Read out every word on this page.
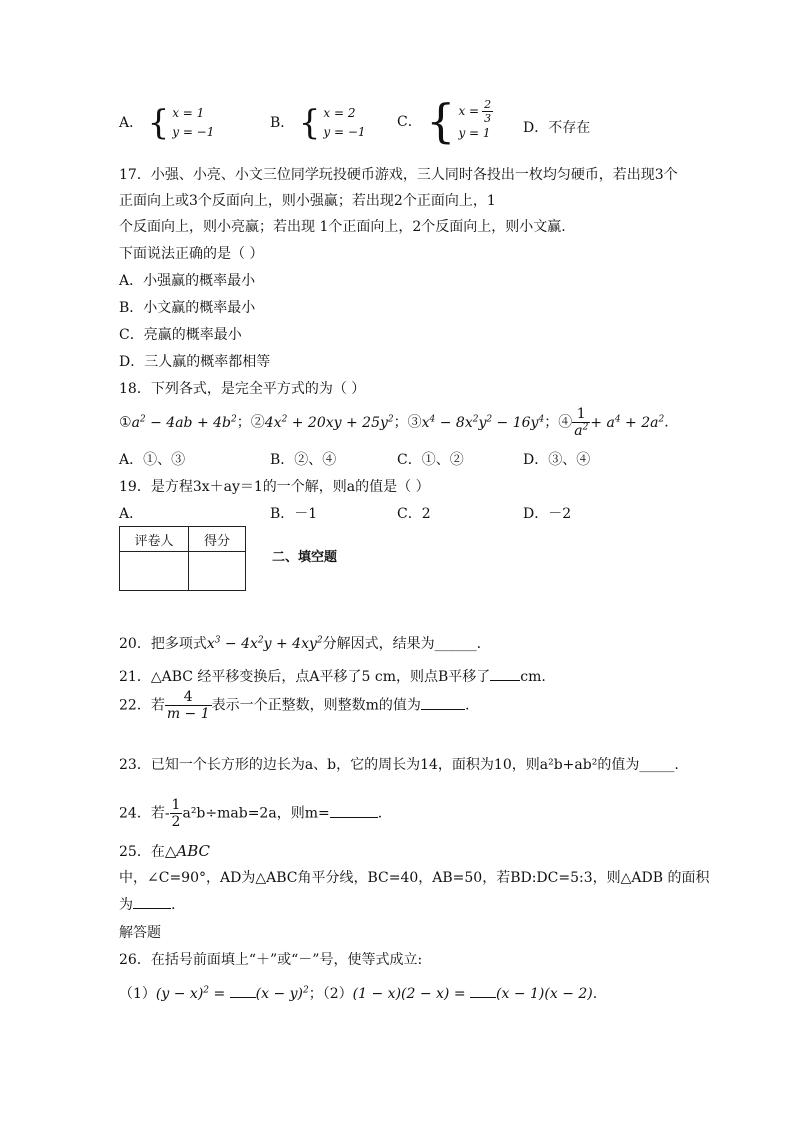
A． { x = 1
y = −1
B． { x = 2
y = −1
C． { $x = \frac{2}{3}$
y = 1 D．不存在
17．小强、小亮、小文三位同学玩投硬币游戏，三人同时各投出一枚均匀硬币，若出现3个
正面向上或3个反面向上，则小强赢；若出现2个正面向上，1
个反面向上，则小亮赢；若出现 1个正面向上，2个反面向上，则小文赢.
下面说法正确的是（ ）
A．小强赢的概率最小
B．小文赢的概率最小
C．亮赢的概率最小
D．三人赢的概率都相等
18．下列各式，是完全平方式的为（ ）
$①a^2 - 4ab + 4b^2$；$②4x^2 + 20xy + 25y^2$；$③x^4 - 8x^2y^2 - 16y^4$；④ $\frac{1}{a^2} + a^4 + 2a^2$.
A．①、③	B．②、④	C．①、②	D．③、④
19．是方程3x＋ay＝1的一个解，则a的值是（ ）
A．	B．－1	C．2	D．－2
评卷人	得分

二、填空题
20．把多项式$x^3 - 4x^2y + 4xy^2$分解因式，结果为______.
21．△ABC 经平移变换后，点A平移了5 cm，则点B平移了 cm.
22．若 $\frac{4}{m - 1}$ 表示一个正整数，则整数m的值为	.
23．已知一个长方形的边长为a、b，它的周长为14，面积为10，则a²b+ab²的值为_____.
24．若- $\frac{1}{2} a^2b\div mab=2a$，则m=	.
25．在△ABC
中，∠C=90°，AD为△ABC角平分线，BC=40，AB=50，若BD:DC=5:3，则△ADB 的面积
为	.
解答题
26．在括号前面填上“＋”或“－”号，使等式成立:
$(1)(y - x)^2 = (x - y)^2$；（2）(1 − x)(2 − x) = (x − 1)(x − 2).
